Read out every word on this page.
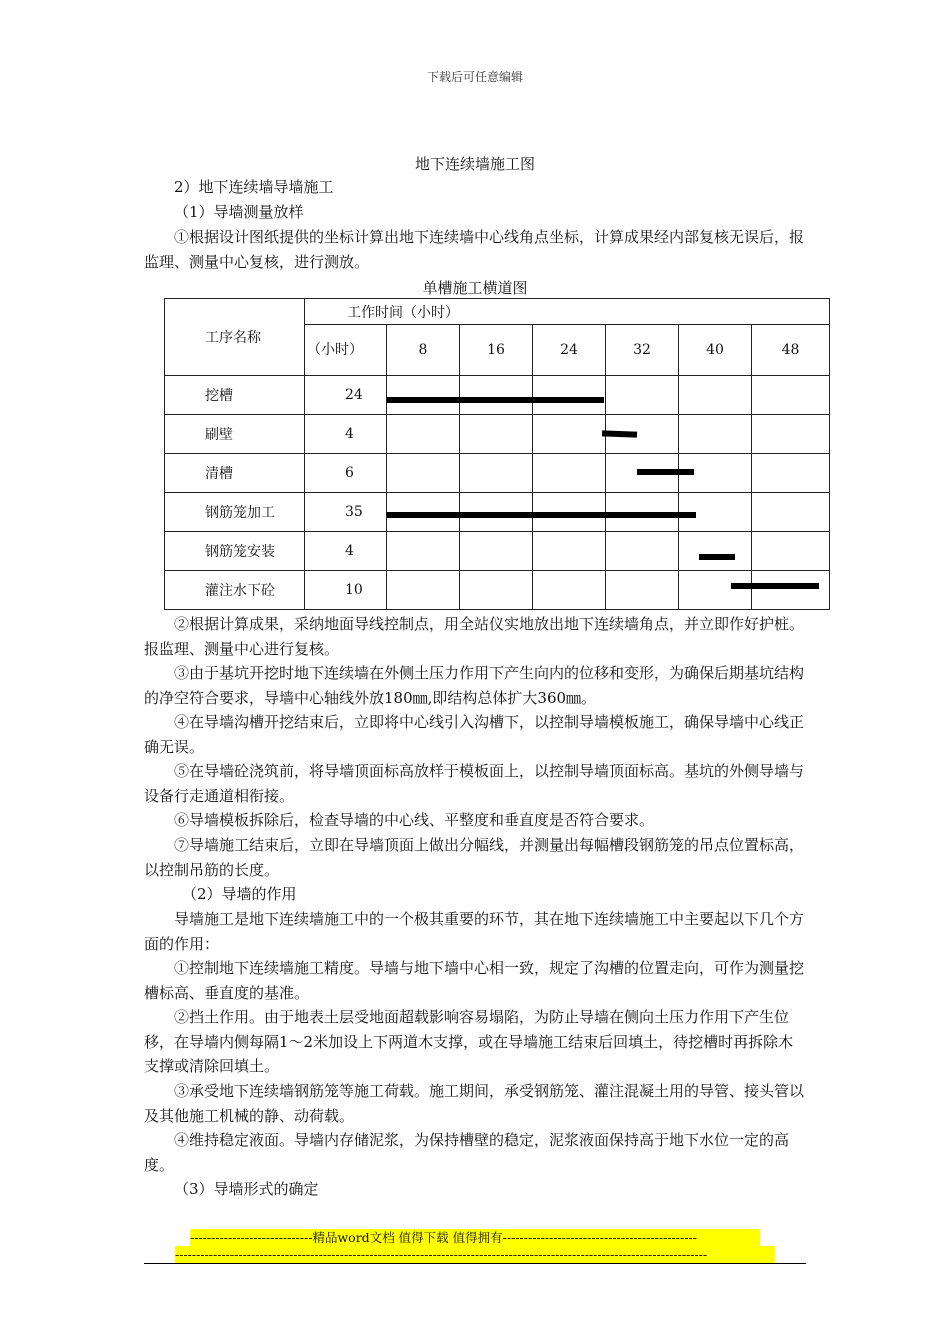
下载后可任意编辑
地下连续墙施工图

2）地下连续墙导墙施工

（1）导墙测量放样

①根据设计图纸提供的坐标计算出地下连续墙中心线角点坐标，计算成果经内部复核无误后，报监理、测量中心复核，进行测放。

单槽施工横道图
工序名称	工作时间（小时）						
	（小时）	8	16	24	32	40	48
挖槽	24						
刷壁	4						
清槽	6						
钢筋笼加工	35						
钢筋笼安装	4						
灌注水下砼	10						

②根据计算成果，采纳地面导线控制点，用全站仪实地放出地下连续墙角点，并立即作好护桩。报监理、测量中心进行复核。

③由于基坑开挖时地下连续墙在外侧土压力作用下产生向内的位移和变形，为确保后期基坑结构的净空符合要求，导墙中心轴线外放180㎜,即结构总体扩大360㎜。

④在导墙沟槽开挖结束后，立即将中心线引入沟槽下，以控制导墙模板施工，确保导墙中心线正确无误。

⑤在导墙砼浇筑前，将导墙顶面标高放样于模板面上，以控制导墙顶面标高。基坑的外侧导墙与设备行走通道相衔接。

⑥导墙模板拆除后，检查导墙的中心线、平整度和垂直度是否符合要求。

⑦导墙施工结束后，立即在导墙顶面上做出分幅线，并测量出每幅槽段钢筋笼的吊点位置标高，以控制吊筋的长度。

（2）导墙的作用

导墙施工是地下连续墙施工中的一个极其重要的环节，其在地下连续墙施工中主要起以下几个方面的作用：

①控制地下连续墙施工精度。导墙与地下墙中心相一致，规定了沟槽的位置走向，可作为测量挖槽标高、垂直度的基准。

②挡土作用。由于地表土层受地面超载影响容易塌陷，为防止导墙在侧向土压力作用下产生位移，在导墙内侧每隔1～2米加设上下两道木支撑，或在导墙施工结束后回填土，待挖槽时再拆除木支撑或清除回填土。

③承受地下连续墙钢筋笼等施工荷载。施工期间，承受钢筋笼、灌注混凝土用的导管、接头管以及其他施工机械的静、动荷载。

④维持稳定液面。导墙内存储泥浆，为保持槽壁的稳定，泥浆液面保持高于地下水位一定的高度。

（3）导墙形式的确定

-----------------------------精品word文档 值得下载 值得拥有----------------------------------------------
------------------------------------------------------------------------------------------------------------------------------
